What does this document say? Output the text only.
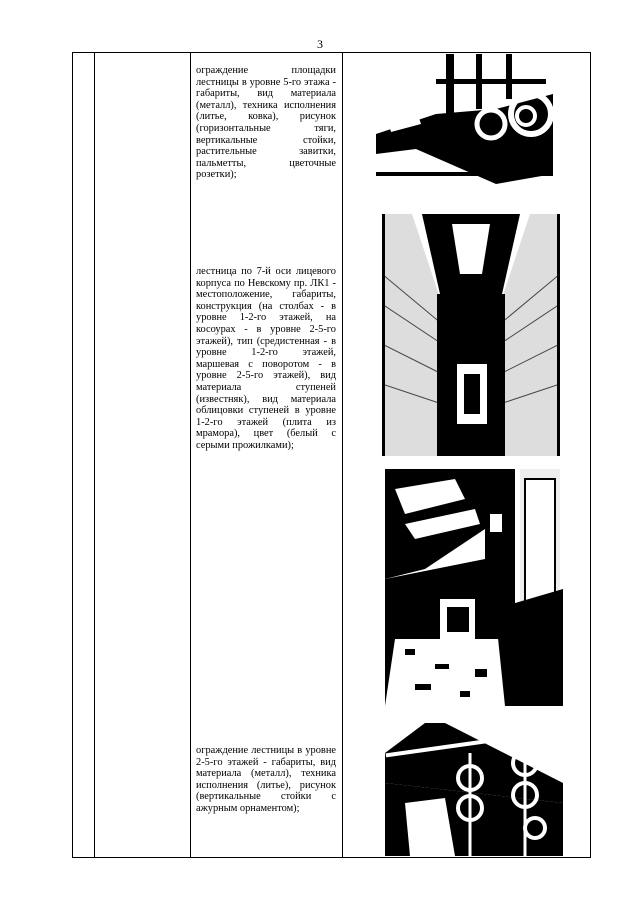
3
ограждение площадки лестницы в уровне 5-го этажа - габариты, вид материала (металл), техника исполнения (литье, ковка), рисунок (горизонтальные тяги, вертикальные стойки, растительные завитки, пальметты, цветочные розетки);
лестница по 7-й оси лицевого корпуса по Невскому пр. ЛК1 - местоположение, габариты, конструкция (на столбах - в уровне 1-2-го этажей, на косоурах - в уровне 2-5-го этажей), тип (средистенная - в уровне 1-2-го этажей, маршевая с поворотом - в уровне 2-5-го этажей), вид материала ступеней (известняк), вид материала облицовки ступеней в уровне 1-2-го этажей (плита из мрамора), цвет (белый с серыми прожилками);
ограждение лестницы в уровне 2-5-го этажей - габариты, вид материала (металл), техника исполнения (литье), рисунок (вертикальные стойки с ажурным орнаментом);
